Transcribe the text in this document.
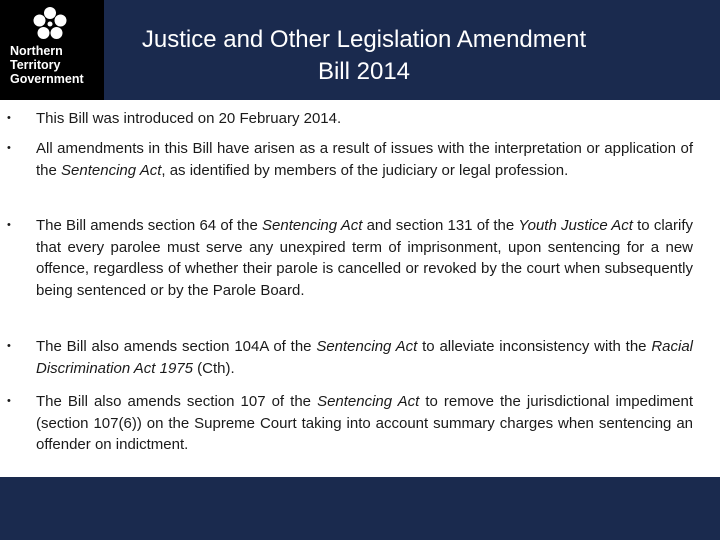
Northern
Territory
Government
Justice and Other Legislation Amendment
Bill 2014
• This Bill was introduced on 20 February 2014.
• All amendments in this Bill have arisen as a result of issues with the interpretation or application of the Sentencing Act, as identified by members of the judiciary or legal profession.
• The Bill amends section 64 of the Sentencing Act and section 131 of the Youth Justice Act to clarify that every parolee must serve any unexpired term of imprisonment, upon sentencing for a new offence, regardless of whether their parole is cancelled or revoked by the court when subsequently being sentenced or by the Parole Board.
• The Bill also amends section 104A of the Sentencing Act to alleviate inconsistency with the Racial Discrimination Act 1975 (Cth).
• The Bill also amends section 107 of the Sentencing Act to remove the jurisdictional impediment (section 107(6)) on the Supreme Court taking into account summary charges when sentencing an offender on indictment.
